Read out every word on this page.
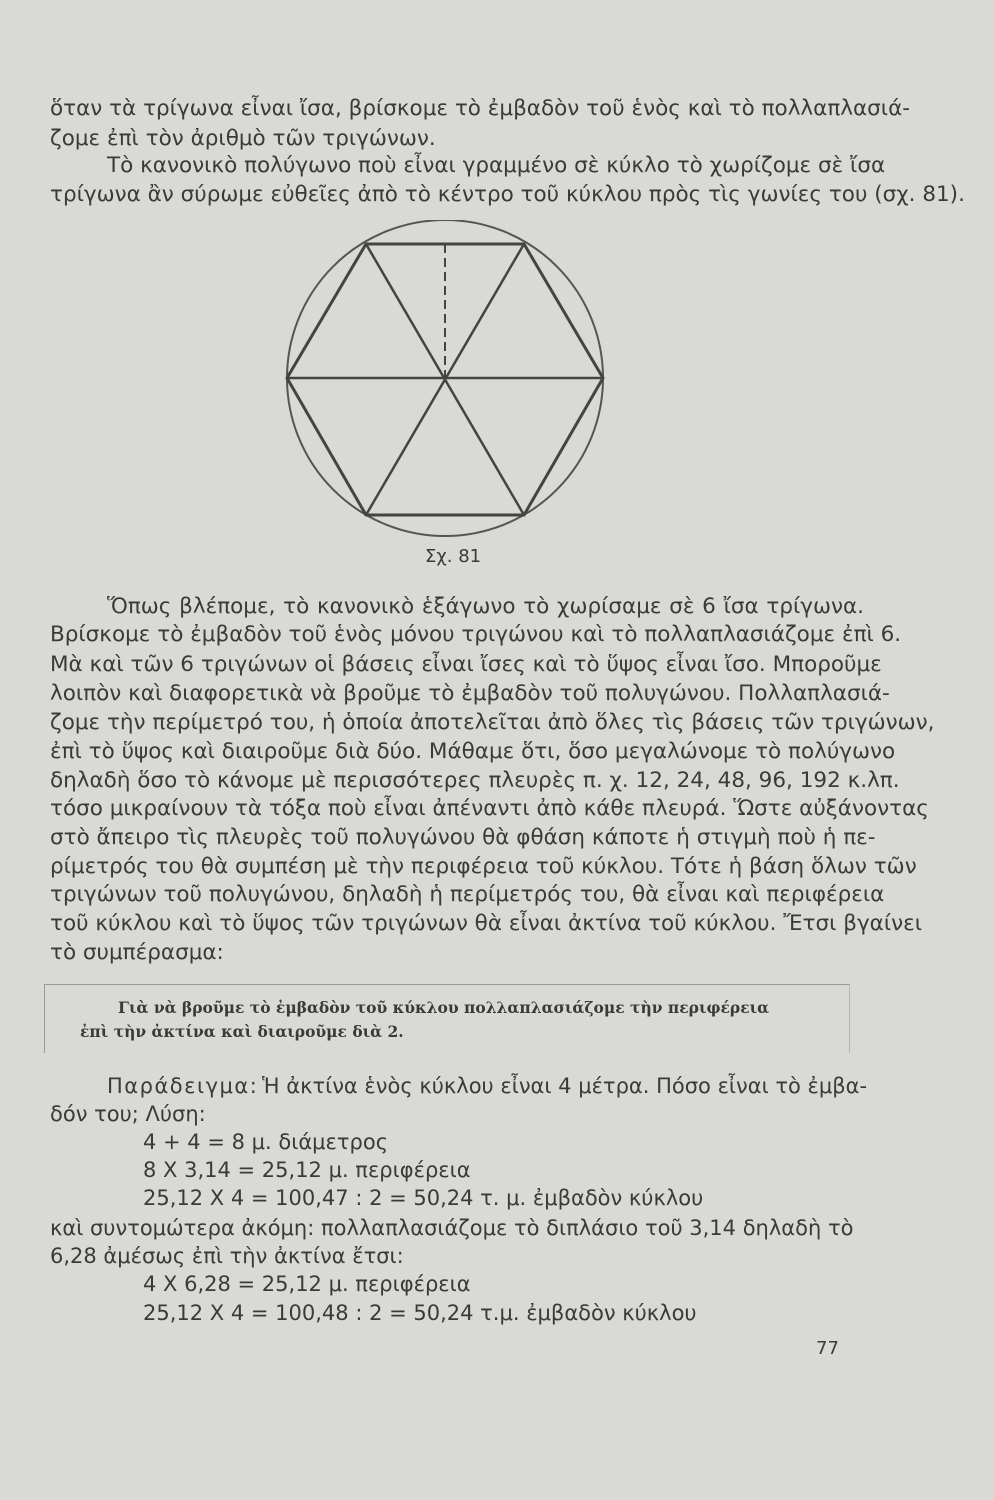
ὅταν τὰ τρίγωνα εἶναι ἴσα, βρίσκομε τὸ ἐμβαδὸν τοῦ ἑνὸς καὶ τὸ πολλαπλασιά-
ζομε ἐπὶ τὸν ἀριθμὸ τῶν τριγώνων.
Τὸ κανονικὸ πολύγωνο ποὺ εἶναι γραμμένο σὲ κύκλο τὸ χωρίζομε σὲ ἴσα
τρίγωνα ἂν σύρωμε εὐθεῖες ἀπὸ τὸ κέντρο τοῦ κύκλου πρὸς τὶς γωνίες του (σχ. 81).
Σχ. 81
Ὅπως βλέπομε, τὸ κανονικὸ ἑξάγωνο τὸ χωρίσαμε σὲ 6 ἴσα τρίγωνα.
Βρίσκομε τὸ ἐμβαδὸν τοῦ ἑνὸς μόνου τριγώνου καὶ τὸ πολλαπλασιάζομε ἐπὶ 6.
Μὰ καὶ τῶν 6 τριγώνων οἱ βάσεις εἶναι ἴσες καὶ τὸ ὕψος εἶναι ἴσο. Μποροῦμε
λοιπὸν καὶ διαφορετικὰ νὰ βροῦμε τὸ ἐμβαδὸν τοῦ πολυγώνου. Πολλαπλασιά-
ζομε τὴν περίμετρό του, ἡ ὁποία ἀποτελεῖται ἀπὸ ὅλες τὶς βάσεις τῶν τριγώνων,
ἐπὶ τὸ ὕψος καὶ διαιροῦμε διὰ δύο. Μάθαμε ὅτι, ὅσο μεγαλώνομε τὸ πολύγωνο
δηλαδὴ ὅσο τὸ κάνομε μὲ περισσότερες πλευρὲς π. χ. 12, 24, 48, 96, 192 κ.λπ.
τόσο μικραίνουν τὰ τόξα ποὺ εἶναι ἀπέναντι ἀπὸ κάθε πλευρά. Ὥστε αὐξάνοντας
στὸ ἄπειρο τὶς πλευρὲς τοῦ πολυγώνου θὰ φθάση κάποτε ἡ στιγμὴ ποὺ ἡ πε-
ρίμετρός του θὰ συμπέση μὲ τὴν περιφέρεια τοῦ κύκλου. Τότε ἡ βάση ὅλων τῶν
τριγώνων τοῦ πολυγώνου, δηλαδὴ ἡ περίμετρός του, θὰ εἶναι καὶ περιφέρεια
τοῦ κύκλου καὶ τὸ ὕψος τῶν τριγώνων θὰ εἶναι ἀκτίνα τοῦ κύκλου. Ἔτσι βγαίνει
τὸ συμπέρασμα:
Γιὰ νὰ βροῦμε τὸ ἐμβαδὸν τοῦ κύκλου πολλαπλασιάζομε τὴν περιφέρεια
ἐπὶ τὴν ἀκτίνα καὶ διαιροῦμε διὰ 2.
Παράδειγμα: Ἡ ἀκτίνα ἑνὸς κύκλου εἶναι 4 μέτρα. Πόσο εἶναι τὸ ἐμβα-
δόν του; Λύση:
4 + 4 = 8 μ. διάμετρος
8 X 3,14 = 25,12 μ. περιφέρεια
25,12 X 4 = 100,47 : 2 = 50,24 τ. μ. ἐμβαδὸν κύκλου
καὶ συντομώτερα ἀκόμη: πολλαπλασιάζομε τὸ διπλάσιο τοῦ 3,14 δηλαδὴ τὸ
6,28 ἀμέσως ἐπὶ τὴν ἀκτίνα ἔτσι:
4 X 6,28 = 25,12 μ. περιφέρεια
25,12 X 4 = 100,48 : 2 = 50,24 τ.μ. ἐμβαδὸν κύκλου
77
